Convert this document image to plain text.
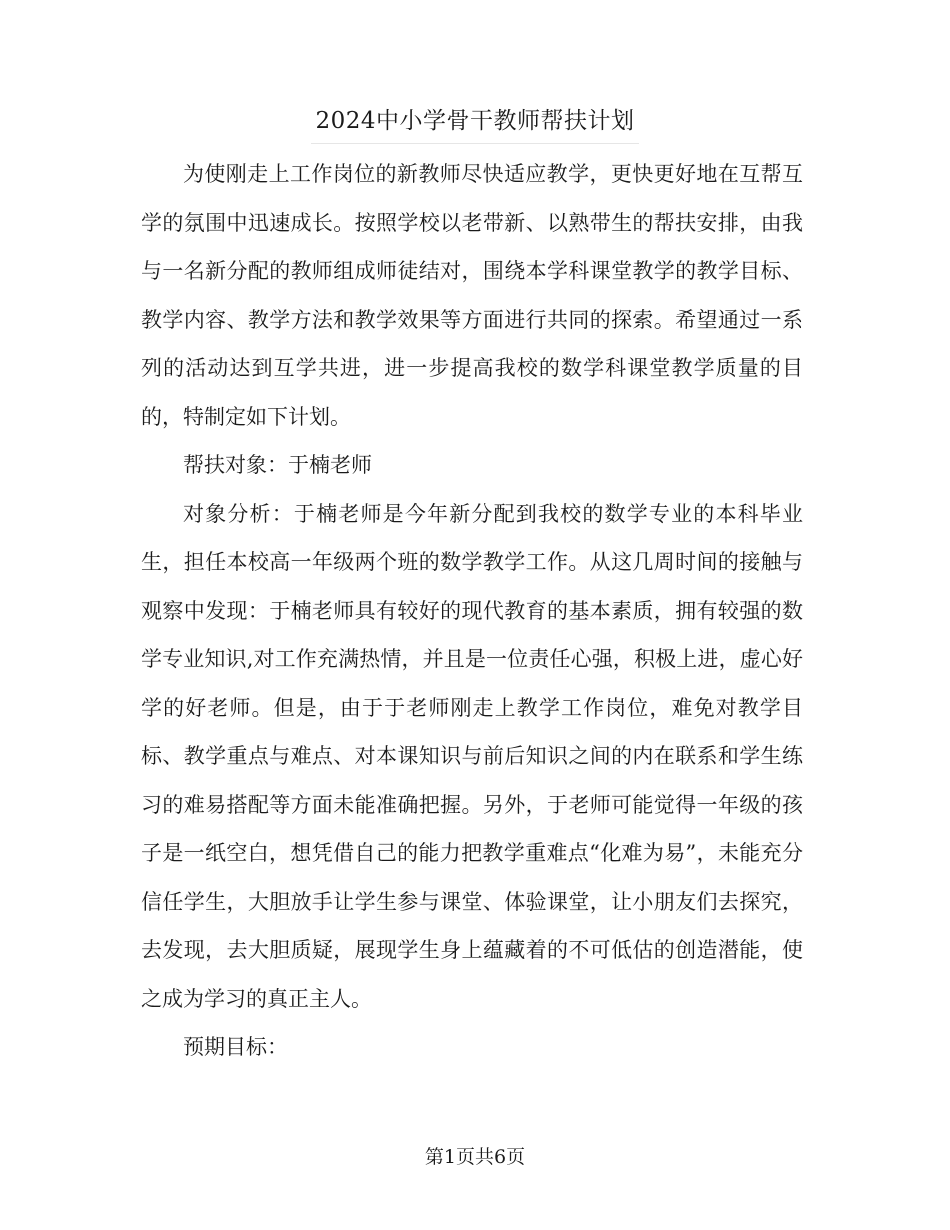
2024中小学骨干教师帮扶计划

为使刚走上工作岗位的新教师尽快适应教学，更快更好地在互帮互学的氛围中迅速成长。按照学校以老带新、以熟带生的帮扶安排，由我与一名新分配的教师组成师徒结对，围绕本学科课堂教学的教学目标、教学内容、教学方法和教学效果等方面进行共同的探索。希望通过一系列的活动达到互学共进，进一步提高我校的数学科课堂教学质量的目的，特制定如下计划。

帮扶对象：于楠老师

对象分析：于楠老师是今年新分配到我校的数学专业的本科毕业生，担任本校高一年级两个班的数学教学工作。从这几周时间的接触与观察中发现：于楠老师具有较好的现代教育的基本素质，拥有较强的数学专业知识,对工作充满热情，并且是一位责任心强，积极上进，虚心好学的好老师。但是，由于于老师刚走上教学工作岗位，难免对教学目标、教学重点与难点、对本课知识与前后知识之间的内在联系和学生练习的难易搭配等方面未能准确把握。另外，于老师可能觉得一年级的孩子是一纸空白，想凭借自己的能力把教学重难点“化难为易”，未能充分信任学生，大胆放手让学生参与课堂、体验课堂，让小朋友们去探究，去发现，去大胆质疑，展现学生身上蕴藏着的不可低估的创造潜能，使之成为学习的真正主人。

预期目标：

第1页共6页
